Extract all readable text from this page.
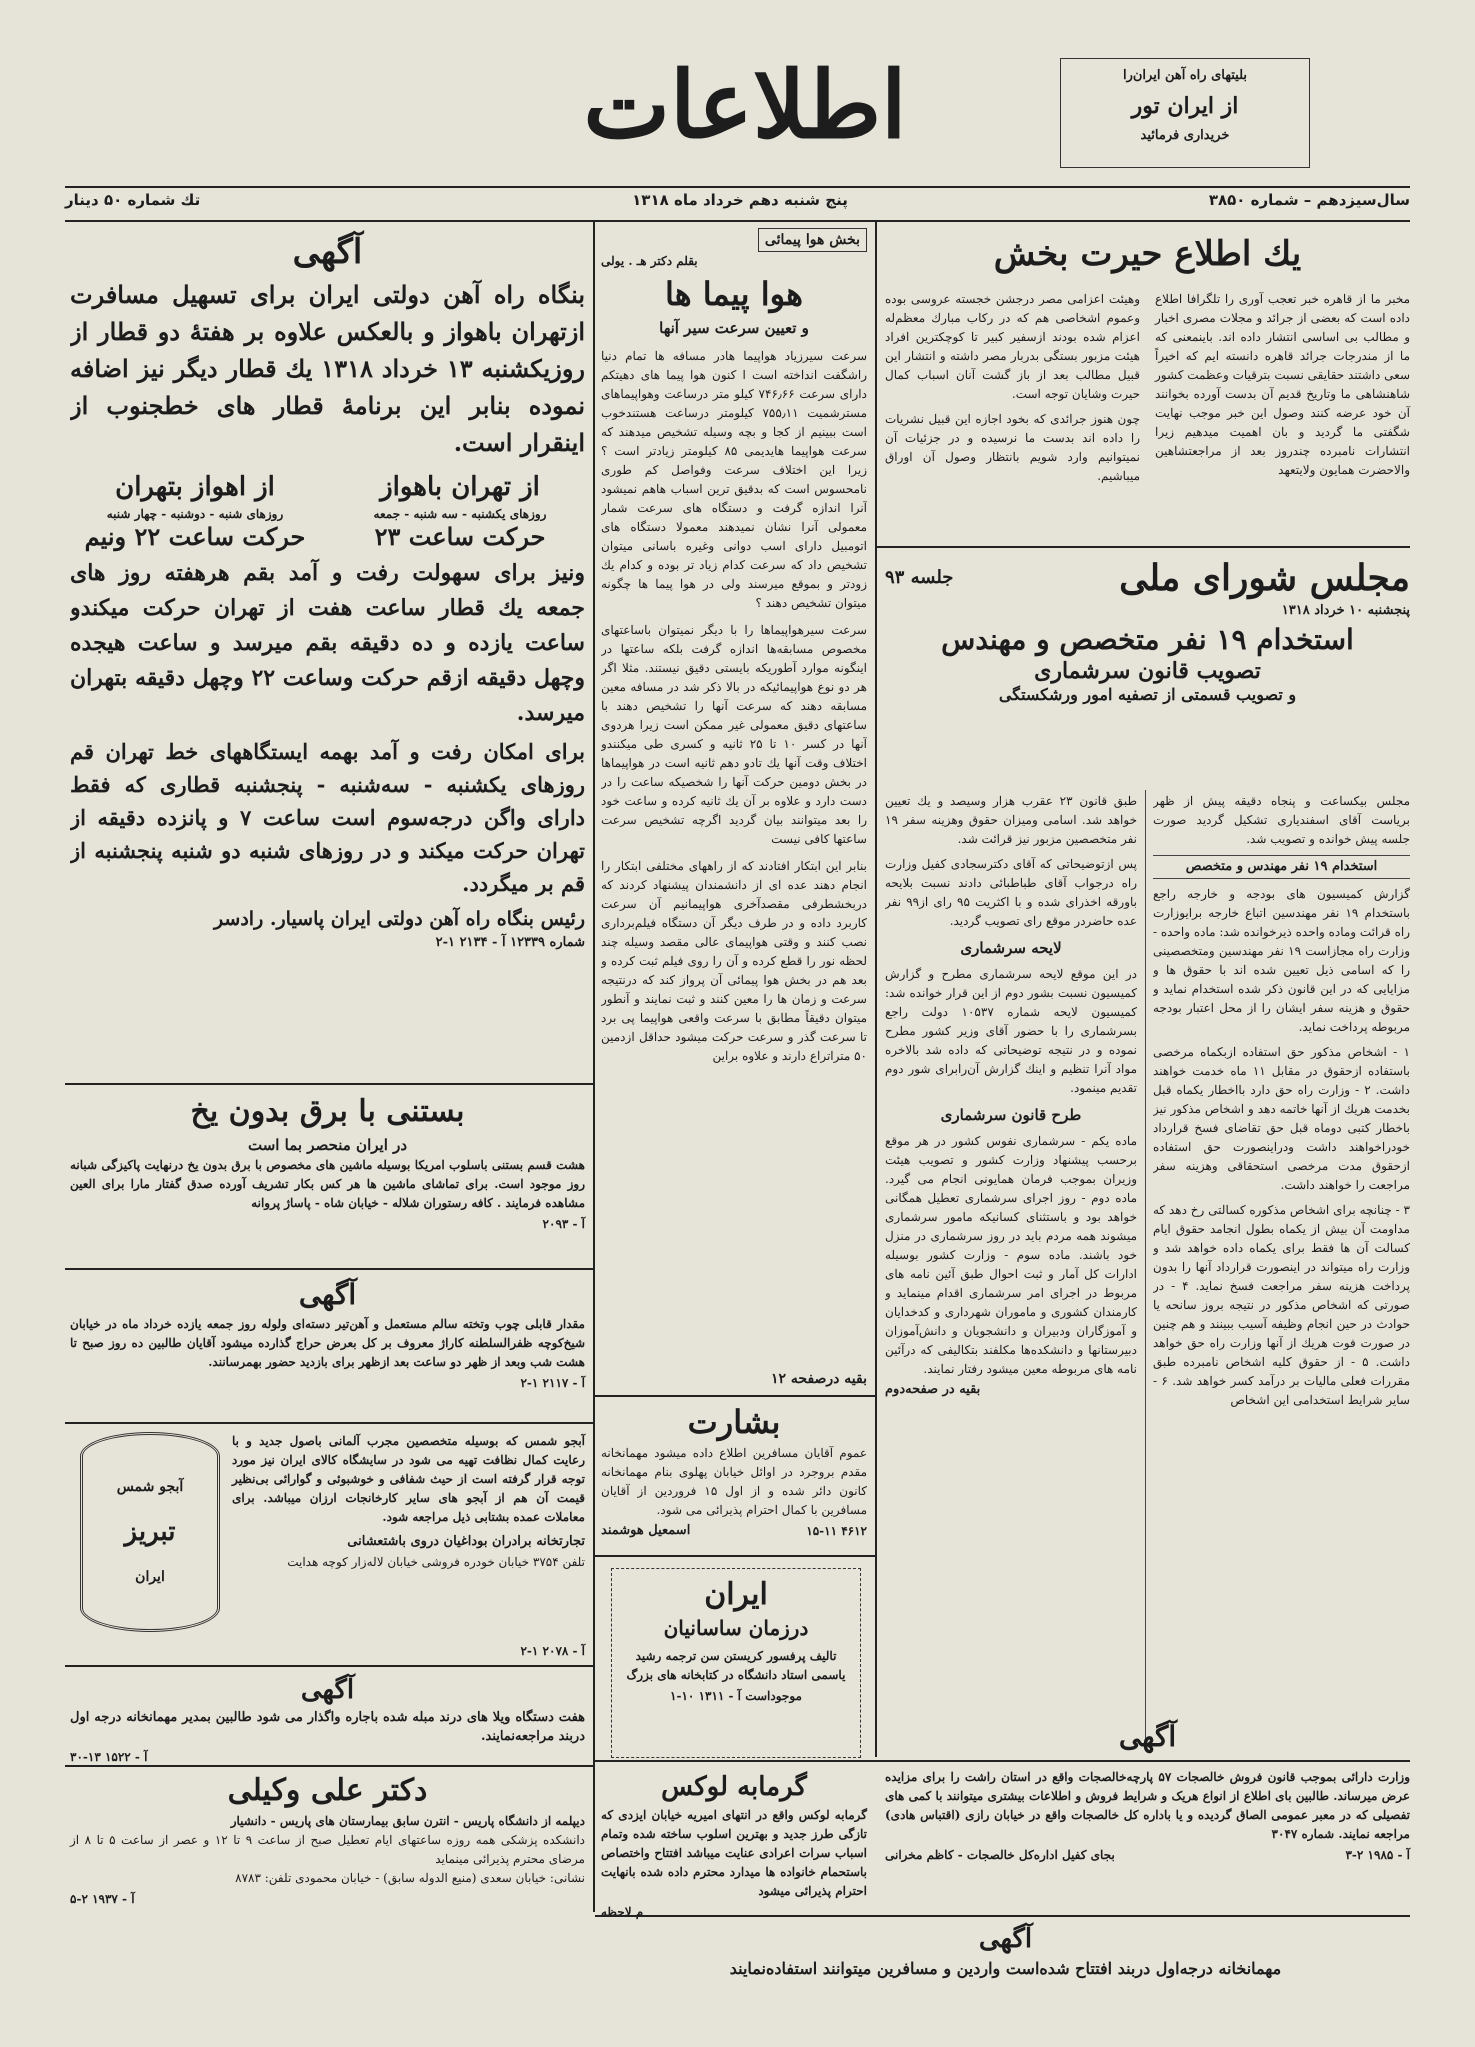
اطلاعات	بلیتهای راه آهن ایران‌را
از ایران تور
خریداری فرمائید
سال‌سیزدهم – شماره ۳۸۵۰
پنج شنبه دهم خرداد ماه ۱۳۱۸
تك شماره ۵۰ دینار
یك اطلاع حیرت بخش

مخبر ما از قاهره خبر تعجب آوری را تلگرافا اطلاع داده است که بعضی از جرائد و مجلات مصری اخبار و مطالب بی اساسی انتشار داده اند. باینمعنی که ما از مندرجات جرائد قاهره دانسته ایم که اخیراً سعی داشتند حقایقی نسبت بترقیات وعظمت کشور شاهنشاهی ما وتاریخ قدیم آن بدست آورده بخوانند آن خود عرضه کنند وصول این خبر موجب نهایت شگفتی ما گردید و بان اهمیت میدهیم زیرا انتشارات نامبرده چندروز بعد از مراجعتشاهین والاحضرت همایون ولایتعهد

وهیئت اعزامی مصر درجشن خجسته عروسی بوده وعموم اشخاصی هم که در رکاب مبارك معظم‌له اعزام شده بودند ازسفیر کبیر تا کوچکترین افراد هیئت مزبور بستگی بدربار مصر داشته و انتشار این قبیل مطالب بعد از باز گشت آنان اسباب کمال حیرت وشایان توجه است.

چون هنوز جرائدی که بخود اجازه این قبیل نشریات را داده اند بدست ما نرسیده و در جزئیات آن نمیتوانیم وارد شویم بانتظار وصول آن اوراق میباشیم.

مجلس شورای ملی
جلسه ۹۳
پنجشنبه ۱۰ خرداد ۱۳۱۸
استخدام ۱۹ نفر متخصص و مهندس
تصویب قانون سرشماری
و تصویب قسمتی از تصفیه امور ورشکستگی

مجلس بیکساعت و پنجاه دقیقه پیش از ظهر بریاست آقای اسفندیاری تشکیل گردید صورت جلسه پیش خوانده و تصویب شد.

استخدام ۱۹ نفر مهندس و متخصص

گزارش کمیسیون های بودجه و خارجه راجع باستخدام ۱۹ نفر مهندسین اتباع خارجه برایوزارت راه قرائت وماده واحده ذیرخوانده شد: ماده واحده - وزارت راه مجازاست ۱۹ نفر مهندسین ومتخصصینی را که اسامی ذیل تعیین شده اند با حقوق ها و مزایایی که در این قانون ذکر شده استخدام نماید و حقوق و هزینه سفر ایشان را از محل اعتبار بودجه مربوطه پرداخت نماید.

۱ - اشخاص مذکور حق استفاده ازبکماه مرخصی باستفاده ازحقوق در مقابل ۱۱ ماه خدمت خواهند داشت. ۲ - وزارت راه حق دارد بااخطار یکماه قبل بخدمت هریك از آنها خاتمه دهد و اشخاص مذکور نیز باخطار کتبی دوماه قبل حق تقاضای فسخ قرارداد خودراخواهند داشت ودراینصورت حق استفاده ازحقوق مدت مرخصی استحقاقی وهزینه سفر مراجعت را خواهند داشت.

۳ - چنانچه برای اشخاص مذکوره کسالتی رخ دهد که مداومت آن بیش از یکماه بطول انجامد حقوق ایام کسالت آن ها فقط برای یکماه داده خواهد شد و وزارت راه میتواند در اینصورت قرارداد آنها را بدون پرداخت هزینه سفر مراجعت فسخ نماید. ۴ - در صورتی که اشخاص مذکور در نتیجه بروز سانحه یا حوادث در حین انجام وظیفه آسیب ببینند و هم چنین در صورت فوت هریك از آنها وزارت راه حق خواهد داشت. ۵ - از حقوق کلیه اشخاص نامبرده طبق مقررات فعلی مالیات بر درآمد کسر خواهد شد. ۶ - سایر شرایط استخدامی این اشخاص

طبق قانون ۲۳ عقرب هزار وسیصد و یك تعیین خواهد شد. اسامی وميزان حقوق وهزینه سفر ۱۹ نفر متخصصین مزبور نیز قرائت شد.

پس ازتوضیحاتی که آقای دکترسجادی کفیل وزارت راه درجواب آقای طباطبائی دادند نسبت بلایحه باورقه اخذرای شده و با اکثریت ۹۵ رای از۹۹ نفر عده حاضردر موقع رای تصویب گردید.

لایحه سرشماری

در این موقع لایحه سرشماری مطرح و گزارش کمیسیون نسبت بشور دوم از این قرار خوانده شد: کمیسیون لایحه شماره ۱۰۵۳۷ دولت راجع بسرشماری را با حضور آقای وزیر کشور مطرح نموده و در نتیجه توضیحاتی که داده شد بالاخره مواد آنرا تنظیم و اینك گزارش آن‌رابرای شور دوم تقدیم مینمود.

طرح قانون سرشماری

ماده یکم - سرشماری نفوس کشور در هر موقع برحسب پیشنهاد وزارت کشور و تصویب هیئت وزیران بموجب فرمان همایونی انجام می گیرد. ماده دوم - روز اجرای سرشماری تعطیل همگانی خواهد بود و باستثنای کسانیکه مامور سرشماری میشوند همه مردم باید در روز سرشماری در منزل خود باشند. ماده سوم - وزارت کشور بوسیله ادارات کل آمار و ثبت احوال طبق آئین نامه های مربوط در اجرای امر سرشماری اقدام مینماید و کارمندان کشوری و ماموران شهرداری و کدخدایان و آموزگاران ودبیران و دانشجویان و دانش‌آموزان دبیرستانها و دانشکده‌ها مکلفند بتکالیفی که درآئین نامه های مربوطه معین میشود رفتار نمایند.

بقیه در صفحه‌دوم
بخش هوا پیمائی
بقلم دکتر هـ . یولی
هوا پیما ها
و تعیین سرعت سیر آنها

سرعت سیرزیاد هواپیما هادر مسافه ها تمام دنیا راشگفت انداخته است ا کنون هوا پیما های دهیتکم دارای سرعت ۷۴۶٫۶۶ کیلو متر درساعت وهواپیماهای مسترشمیت ۷۵۵٫۱۱ کیلومتر درساعت هستندخوب است ببینیم از کجا و بچه وسیله تشخیص میدهند که سرعت هواپیما هایدیمی ۸۵ کیلومتر زیادتر است ؟ زیرا این اختلاف سرعت وفواصل کم طوری نامحسوس است که بدقیق ترین اسباب هاهم نمیشود آنرا اندازه گرفت و دستگاه های سرعت شمار معمولی آنرا نشان نمیدهند معمولا دستگاه های اتومبیل دارای اسب دوانی وغیره باسانی میتوان تشخیص داد که سرعت کدام زیاد تر بوده و کدام یك زودتر و بموقع میرسند ولی در هوا پیما ها چگونه میتوان تشخیص دهند ؟

سرعت سیرهواپیماها را با دیگر نمیتوان باساعتهای مخصوص مسابقه‌ها اندازه گرفت بلکه ساعتها در اینگونه موارد آطوریکه بایستی دقیق نیستند. مثلا اگر هر دو نوع هواپیمائیکه در بالا ذکر شد در مسافه معین مسابقه دهند که سرعت آنها را تشخیص دهند با ساعتهای دقیق معمولی غیر ممکن است زیرا هردوی آنها در کسر ۱۰ تا ۲۵ ثانیه و کسری طی میکنندو اختلاف وقت آنها یك تادو دهم ثانیه است در هواپیماها در بخش دومین حرکت آنها را شخصیکه ساعت را در دست دارد و علاوه بر آن یك ثانیه کرده و ساعت خود را بعد میتوانند بیان گردید اگرچه تشخیص سرعت ساعتها کافی نیست

بنابر این ابتکار افتادند که از راههای مختلفی ابتکار را انجام دهند عده ای از دانشمندان پیشنهاد کردند که دربخشطرفی مقصدآخری هواپیمانیم آن سرعت کاربرد داده و در طرف دیگر آن دستگاه فیلم‌برداری نصب کنند و وقتی هواپیمای عالی مقصد وسیله چند لحظه نور را قطع کرده و آن را روی فیلم ثبت کرده و بعد هم در بخش هوا پیمائی آن پرواز کند که درنتیجه سرعت و زمان ها را معین کنند و ثبت نمایند و آنطور میتوان دقیقاً مطابق با سرعت واقعی هواپیما پی برد تا سرعت گذر و سرعت حرکت میشود حداقل ازدمین ۵۰ متراتراع دارند و علاوه براین

بقیه درصفحه ۱۲
بشارت

عموم آقایان مسافرین اطلاع داده میشود مهمانخانه مقدم بروجرد در اوائل خیابان پهلوی بنام مهمانخانه کانون دائر شده و از اول ۱۵ فروردین از آقایان مسافرین با کمال احترام پذیرائی می شود.

۴۶۱۲ ۱۵-۱۱
اسمعیل هوشمند
ایران
درزمان ساسانیان

تالیف پرفسور کریستن سن ترجمه رشید یاسمی استاد دانشگاه در کتابخانه های بزرگ

موجوداست آ - ۱۳۱۱ ۱۰-۱
آگهی

بنگاه راه آهن دولتی ایران برای تسهیل مسافرت ازتهران باهواز و بالعکس علاوه بر هفتهٔ دو قطار از روزیکشنبه ۱۳ خرداد ۱۳۱۸ یك قطار دیگر نیز اضافه نموده بنابر این برنامهٔ قطار های خطجنوب از اینقرار است.

از تهران باهواز
روزهای یکشنبه - سه شنبه - جمعه
حرکت ساعت ۲۳
از اهواز بتهران
روزهای شنبه - دوشنبه - چهار شنبه
حرکت ساعت ۲۲ ونیم

ونیز برای سهولت رفت و آمد بقم هرهفته روز های جمعه یك قطار ساعت هفت از تهران حرکت میکندو ساعت یازده و ده دقیقه بقم میرسد و ساعت هیجده وچهل دقیقه ازقم حرکت وساعت ۲۲ وچهل دقیقه بتهران میرسد.

برای امکان رفت و آمد بهمه ایستگاههای خط تهران قم روزهای یکشنبه - سه‌شنبه - پنجشنبه قطاری که فقط دارای واگن درجه‌سوم است ساعت ۷ و پانزده دقیقه از تهران حرکت میکند و در روزهای شنبه دو شنبه پنجشنبه از قم بر میگردد.

رئیس بنگاه راه آهن دولتی ایران پاسیار. رادسر
شماره ۱۲۳۳۹ آ - ۲۱۳۴ ۱-۲
بستنی با برق بدون یخ
در ایران منحصر بما است

هشت قسم بستنی باسلوب امریکا بوسیله ماشین های مخصوص با برق بدون یخ درنهایت پاکیزگی شبانه روز موجود است. برای تماشای ماشین ها هر کس بکار تشریف آورده صدق گفتار مارا برای العین مشاهده فرمایند . کافه رستوران شلاله - خیابان شاه - پاساژ پروانه

آ - ۲۰۹۳
آگهی

مقدار قابلی چوب وتخته سالم مستعمل و آهن‌تیر دسته‌ای ولوله روز جمعه یازده خرداد ماه در خیابان شیخ‌کوچه ظفرالسلطنه کاراژ معروف بر کل بعرض حراج گذارده میشود آقایان طالبین ده روز صبح تا هشت شب وبعد از ظهر دو ساعت بعد ازظهر برای بازدید حضور بهمرسانند.

آ - ۲۱۱۷ ۱-۲
آبجو شمس
تبریز
ایران

آبجو شمس که بوسیله متخصصین مجرب آلمانی باصول جدید و با رعایت کمال نظافت تهیه می شود در سایشگاه کالای ایران نیز مورد توجه قرار گرفته است از حیث شفافی و خوشبوئی و گوارائی بی‌نظیر قیمت آن هم از آبجو های سایر کارخانجات ارزان میباشد. برای معاملات عمده بشتابی ذیل مراجعه شود.

تجارتخانه برادران بوداغیان دروی باشتعشانی
تلفن ۳۷۵۴ خیابان خودره فروشی خیابان لالەزار کوچه هدایت
آ - ۲۰۷۸ ۱-۲
آگهی

هفت دستگاه ویلا های درند مبله شده باجاره واگذار می شود طالبین بمدیر مهمانخانه درجه اول دربند مراجعه‌نمایند.

آ - ۱۵۲۲ ۱۳-۳۰
دکتر علی وکیلی
دیپلمه از دانشگاه پاریس - انترن سابق بیمارستان های پاریس - دانشیار
دانشکده پزشکی همه روزه ساعتهای ایام تعطیل صبح از ساعت ۹ تا ۱۲ و عصر از ساعت ۵ تا ۸ از مرضای محترم پذیرائی مینماید
نشانی: خیابان سعدی (منیع الدوله سابق) - خیابان محمودی تلفن: ۸۷۸۳
آ - ۱۹۳۷ ۲-۵
گرمابه لوکس

گرمابه لوکس واقع در انتهای امیریه خیابان ایزدی که تازگی طرز جدید و بهترین اسلوب ساخته شده وتمام اسباب سرات اعرادی عنایت میباشد افتتاح واختصاص باستحمام خانواده ها میدارد محترم داده شده بانهایت احترام پذیرائی میشود

م لاحظه

وزارت دارائی بموجب قانون فروش خالصجات ۵۷ پارچه‌خالصجات واقع در استان راشت را برای مزایده عرض میرساند. طالبین بای اطلاع از انواع هریک و شرایط فروش و اطلاعات بیشتری میتوانند با کمی های تفصیلی که در معبر عمومی الصاق گردیده و یا باداره کل خالصجات واقع در خیابان رازی (اقتباس هادی) مراجعه نمایند. شماره ۳۰۴۷

آ - ۱۹۸۵ ۲-۳
بجای کفیل اداره‌کل خالصجات - کاظم مخرانی
آگهی
آگهی
مهمانخانه درجه‌اول دربند افتتاح شده‌است واردین و مسافرین میتوانند استفاده‌نمایند
